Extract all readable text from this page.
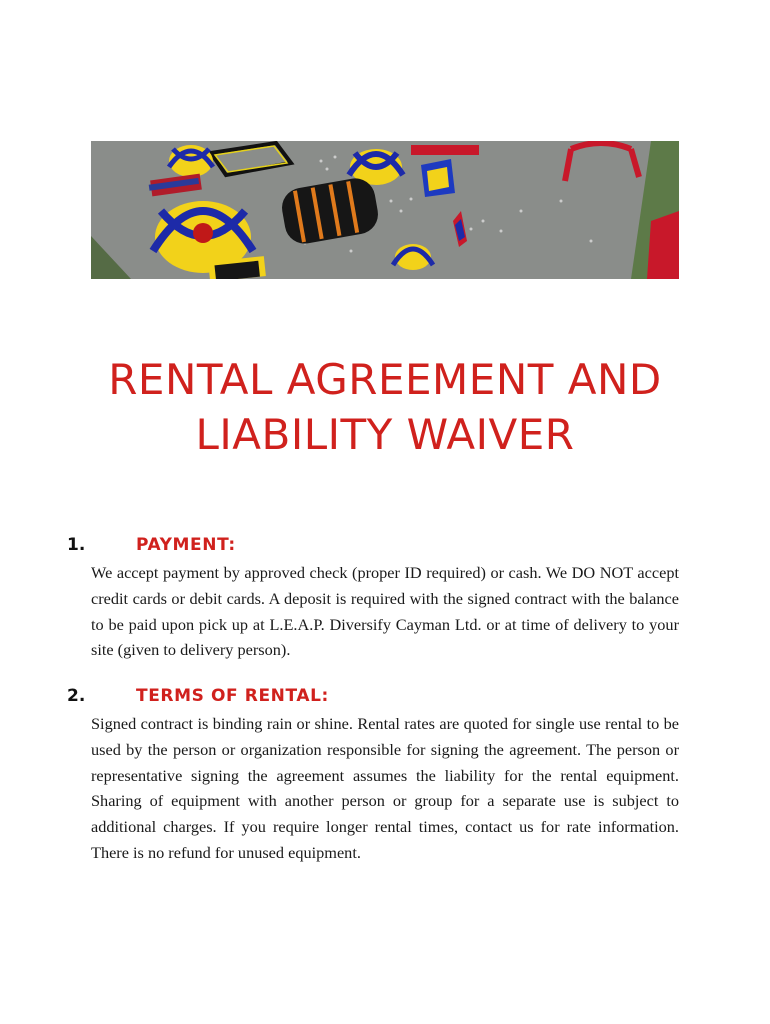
RENTAL AGREEMENT AND
LIABILITY WAIVER
1.	PAYMENT:

We accept payment by approved check (proper ID required) or cash. We DO NOT accept credit cards or debit cards. A deposit is required with the signed contract with the balance to be paid upon pick up at L.E.A.P. Diversify Cayman Ltd. or at time of delivery to your site (given to delivery person).

2.	TERMS OF RENTAL:

Signed contract is binding rain or shine. Rental rates are quoted for single use rental to be used by the person or organization responsible for signing the agreement. The person or representative signing the agreement assumes the liability for the rental equipment. Sharing of equipment with another person or group for a separate use is subject to additional charges. If you require longer rental times, contact us for rate information. There is no refund for unused equipment.
